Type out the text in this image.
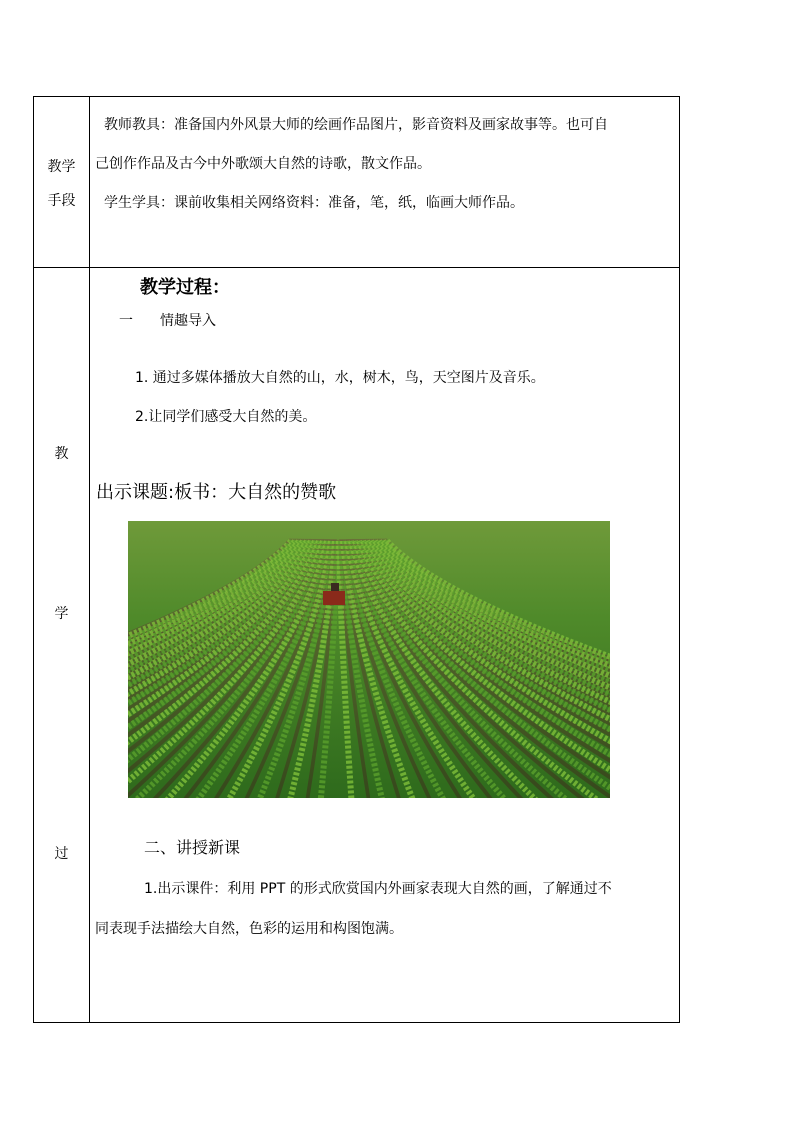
教学
手段
教师教具：准备国内外风景大师的绘画作品图片，影音资料及画家故事等。也可自
己创作作品及古今中外歌颂大自然的诗歌，散文作品。
学生学具：课前收集相关网络资料：准备，笔，纸，临画大师作品。
教
学
过
教学过程：
一 情趣导入
1. 通过多媒体播放大自然的山，水，树木，鸟，天空图片及音乐。
2.让同学们感受大自然的美。
出示课题:板书：大自然的赞歌
二、讲授新课
1.出示课件：利用 PPT 的形式欣赏国内外画家表现大自然的画，了解通过不
同表现手法描绘大自然，色彩的运用和构图饱满。
